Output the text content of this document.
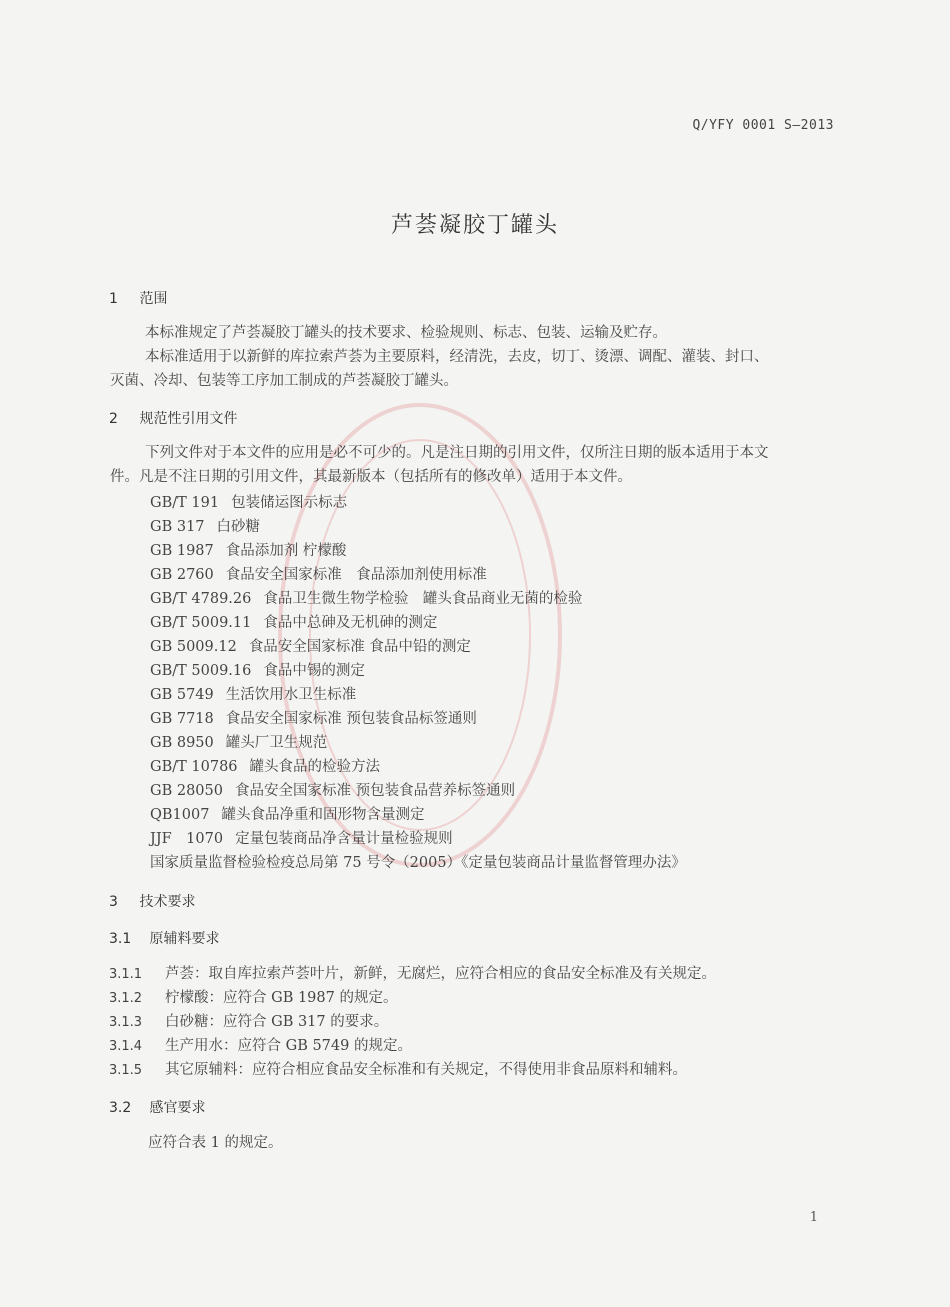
Q/YFY 0001 S—2013
芦荟凝胶丁罐头
1 范围
本标准规定了芦荟凝胶丁罐头的技术要求、检验规则、标志、包装、运输及贮存。
本标准适用于以新鲜的库拉索芦荟为主要原料，经清洗，去皮，切丁、烫漂、调配、灌装、封口、
灭菌、冷却、包装等工序加工制成的芦荟凝胶丁罐头。
2 规范性引用文件
下列文件对于本文件的应用是必不可少的。凡是注日期的引用文件，仅所注日期的版本适用于本文
件。凡是不注日期的引用文件，其最新版本（包括所有的修改单）适用于本文件。
GB/T 191 包装储运图示标志
GB 317 白砂糖
GB 1987 食品添加剂 柠檬酸
GB 2760 食品安全国家标准　食品添加剂使用标准
GB/T 4789.26 食品卫生微生物学检验　罐头食品商业无菌的检验
GB/T 5009.11 食品中总砷及无机砷的测定
GB 5009.12 食品安全国家标准 食品中铅的测定
GB/T 5009.16 食品中锡的测定
GB 5749 生活饮用水卫生标准
GB 7718 食品安全国家标准 预包装食品标签通则
GB 8950 罐头厂卫生规范
GB/T 10786 罐头食品的检验方法
GB 28050 食品安全国家标准 预包装食品营养标签通则
QB1007 罐头食品净重和固形物含量测定
JJF　1070 定量包装商品净含量计量检验规则
国家质量监督检验检疫总局第 75 号令（2005）《定量包装商品计量监督管理办法》
3 技术要求
3.1 原辅料要求
3.1.1 芦荟：取自库拉索芦荟叶片，新鲜，无腐烂，应符合相应的食品安全标准及有关规定。
3.1.2 柠檬酸：应符合 GB 1987 的规定。
3.1.3 白砂糖：应符合 GB 317 的要求。
3.1.4 生产用水：应符合 GB 5749 的规定。
3.1.5 其它原辅料：应符合相应食品安全标准和有关规定，不得使用非食品原料和辅料。
3.2 感官要求
应符合表 1 的规定。
1
